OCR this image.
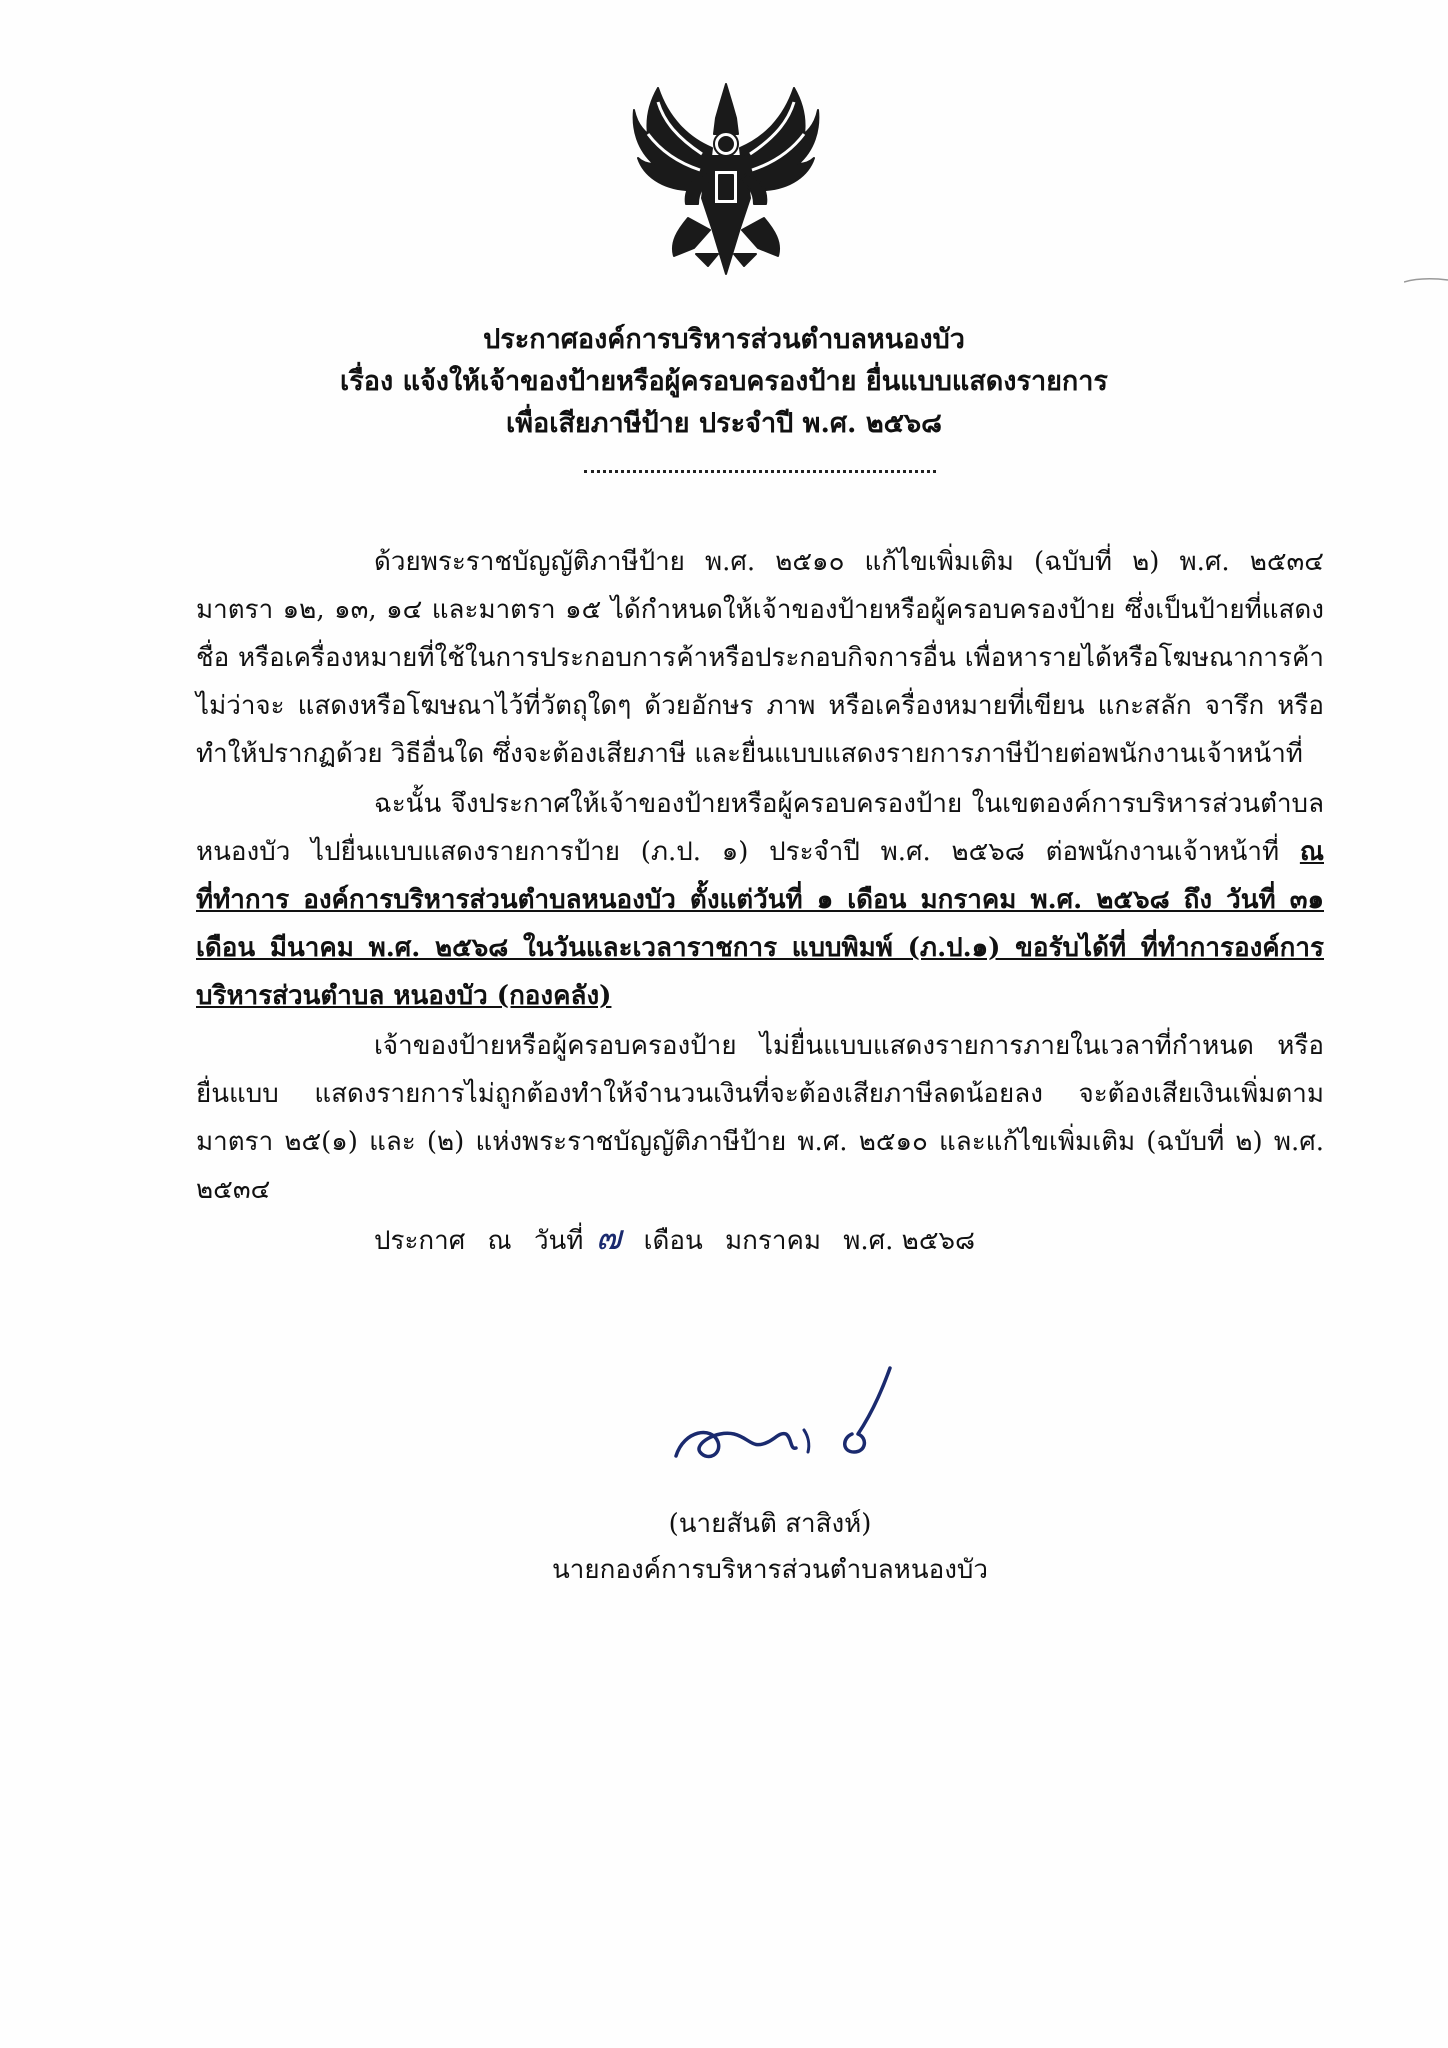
ประกาศองค์การบริหารส่วนตำบลหนองบัว
เรื่อง แจ้งให้เจ้าของป้ายหรือผู้ครอบครองป้าย ยื่นแบบแสดงรายการ
เพื่อเสียภาษีป้าย ประจำปี พ.ศ. ๒๕๖๘
ด้วยพระราชบัญญัติภาษีป้าย พ.ศ. ๒๕๑๐ แก้ไขเพิ่มเติม (ฉบับที่ ๒) พ.ศ. ๒๕๓๔ มาตรา ๑๒, ๑๓, ๑๔ และมาตรา ๑๕ ได้กำหนดให้เจ้าของป้ายหรือผู้ครอบครองป้าย ซึ่งเป็นป้ายที่แสดงชื่อ หรือเครื่องหมายที่ใช้ในการประกอบการค้าหรือประกอบกิจการอื่น เพื่อหารายได้หรือโฆษณาการค้า ไม่ว่าจะ แสดงหรือโฆษณาไว้ที่วัตถุใดๆ ด้วยอักษร ภาพ หรือเครื่องหมายที่เขียน แกะสลัก จารึก หรือทำให้ปรากฏด้วย วิธีอื่นใด ซึ่งจะต้องเสียภาษี และยื่นแบบแสดงรายการภาษีป้ายต่อพนักงานเจ้าหน้าที่
ฉะนั้น จึงประกาศให้เจ้าของป้ายหรือผู้ครอบครองป้าย ในเขตองค์การบริหารส่วนตำบล หนองบัว ไปยื่นแบบแสดงรายการป้าย (ภ.ป. ๑) ประจำปี พ.ศ. ๒๕๖๘ ต่อพนักงานเจ้าหน้าที่ ณ ที่ทำการ องค์การบริหารส่วนตำบลหนองบัว ตั้งแต่วันที่ ๑ เดือน มกราคม พ.ศ. ๒๕๖๘ ถึง วันที่ ๓๑ เดือน มีนาคม พ.ศ. ๒๕๖๘ ในวันและเวลาราชการ แบบพิมพ์ (ภ.ป.๑) ขอรับได้ที่ ที่ทำการองค์การบริหารส่วนตำบล หนองบัว (กองคลัง)
เจ้าของป้ายหรือผู้ครอบครองป้าย ไม่ยื่นแบบแสดงรายการภายในเวลาที่กำหนด หรือยื่นแบบ แสดงรายการไม่ถูกต้องทำให้จำนวนเงินที่จะต้องเสียภาษีลดน้อยลง จะต้องเสียเงินเพิ่มตามมาตรา ๒๕(๑) และ (๒) แห่งพระราชบัญญัติภาษีป้าย พ.ศ. ๒๕๑๐ และแก้ไขเพิ่มเติม (ฉบับที่ ๒) พ.ศ. ๒๕๓๔
ประกาศ ณ วันที่ ๗ เดือน มกราคม พ.ศ. ๒๕๖๘
(นายสันติ สาสิงห์)
นายกองค์การบริหารส่วนตำบลหนองบัว
